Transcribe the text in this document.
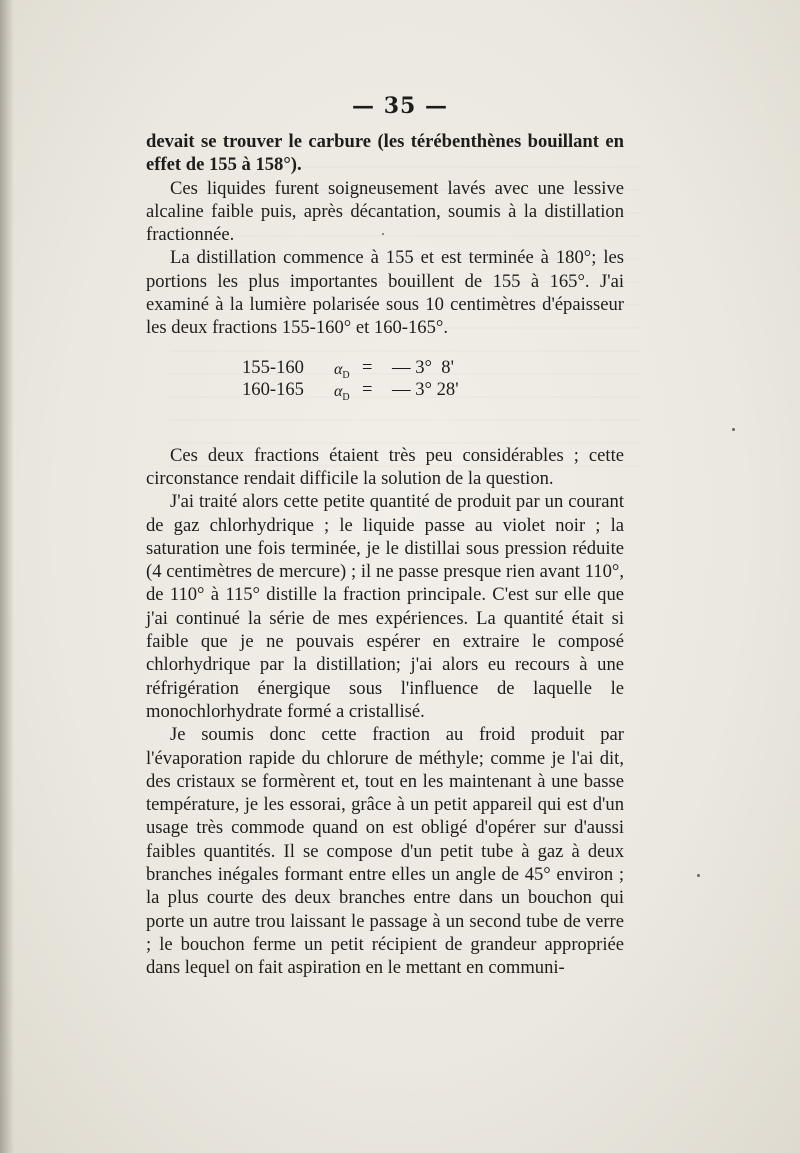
— 35 —

devait se trouver le carbure (les térébenthènes bouillant en effet de 155 à 158°).

Ces liquides furent soigneusement lavés avec une lessive alcaline faible puis, après décantation, soumis à la distillation fractionnée.

La distillation commence à 155 et est terminée à 180°; les portions les plus importantes bouillent de 155 à 165°. J'ai examiné à la lumière polarisée sous 10 centimètres d'épaisseur les deux fractions 155-160° et 160-165°.

155-160 $\alpha_D$ = — 3°  8'
160-165 $\alpha_D$ = — 3° 28'

Ces deux fractions étaient très peu considérables ; cette circonstance rendait difficile la solution de la question.

J'ai traité alors cette petite quantité de produit par un courant de gaz chlorhydrique ; le liquide passe au violet noir ; la saturation une fois terminée, je le distillai sous pression réduite (4 centimètres de mercure) ; il ne passe presque rien avant 110°, de 110° à 115° distille la fraction principale. C'est sur elle que j'ai continué la série de mes expériences. La quantité était si faible que je ne pouvais espérer en extraire le composé chlorhydrique par la distillation; j'ai alors eu recours à une réfrigération énergique sous l'influence de laquelle le monochlorhydrate formé a cristallisé.

Je soumis donc cette fraction au froid produit par l'évaporation rapide du chlorure de méthyle; comme je l'ai dit, des cristaux se formèrent et, tout en les maintenant à une basse température, je les essorai, grâce à un petit appareil qui est d'un usage très commode quand on est obligé d'opérer sur d'aussi faibles quantités. Il se compose d'un petit tube à gaz à deux branches inégales formant entre elles un angle de 45° environ ; la plus courte des deux branches entre dans un bouchon qui porte un autre trou laissant le passage à un second tube de verre ; le bouchon ferme un petit récipient de grandeur appropriée dans lequel on fait aspiration en le mettant en communi-
